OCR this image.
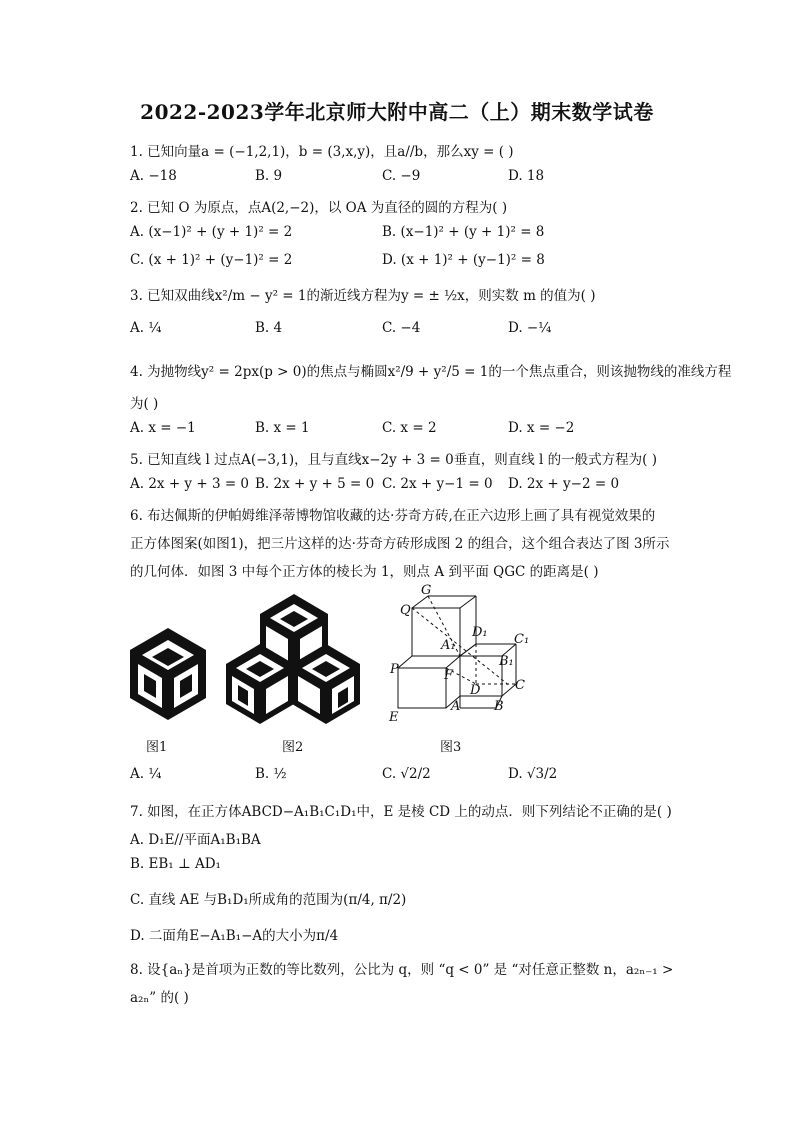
2022-2023学年北京师大附中高二（上）期末数学试卷
1. 已知向量a = (−1,2,1)，b = (3,x,y)，且a//b，那么xy = ( )
A. −18	B. 9	C. −9	D. 18
2. 已知 O 为原点，点A(2,−2)，以 OA 为直径的圆的方程为( )
A. (x−1)² + (y + 1)² = 2	B. (x−1)² + (y + 1)² = 8
C. (x + 1)² + (y−1)² = 2	D. (x + 1)² + (y−1)² = 8
3. 已知双曲线x²/m − y² = 1的渐近线方程为y = ± ½x，则实数 m 的值为( )
A. ¼	B. 4	C. −4	D. −¼
4. 为抛物线y² = 2px(p > 0)的焦点与椭圆x²/9 + y²/5 = 1的一个焦点重合，则该抛物线的准线方程
为( )
A. x = −1	B. x = 1	C. x = 2	D. x = −2
5. 已知直线 l 过点A(−3,1)，且与直线x−2y + 3 = 0垂直，则直线 l 的一般式方程为( )
A. 2x + y + 3 = 0 B. 2x + y + 5 = 0 C. 2x + y−1 = 0 D. 2x + y−2 = 0
6. 布达佩斯的伊帕姆维泽蒂博物馆收藏的达·芬奇方砖,在正六边形上画了具有视觉效果的
正方体图案(如图1)，把三片这样的达·芬奇方砖形成图 2 的组合，这个组合表达了图 3所示
的几何体．如图 3 中每个正方体的棱长为 1，则点 A 到平面 QGC 的距离是( )
图1	图2
G
Q
D₁ C₁
A₁
B₁
P	F
D	C
E
A	B
图3
A. ¼	B. ½	C. √2/2	D. √3/2
7. 如图，在正方体ABCD−A₁B₁C₁D₁中，E 是棱 CD 上的动点．则下列结论不正确的是( )
A. D₁E//平面A₁B₁BA
B. EB₁ ⊥ AD₁
C. 直线 AE 与B₁D₁所成角的范围为(π/4, π/2)
D. 二面角E−A₁B₁−A的大小为π/4
8. 设{aₙ}是首项为正数的等比数列，公比为 q，则 “q < 0” 是 “对任意正整数 n，a₂ₙ₋₁ >
a₂ₙ” 的( )
